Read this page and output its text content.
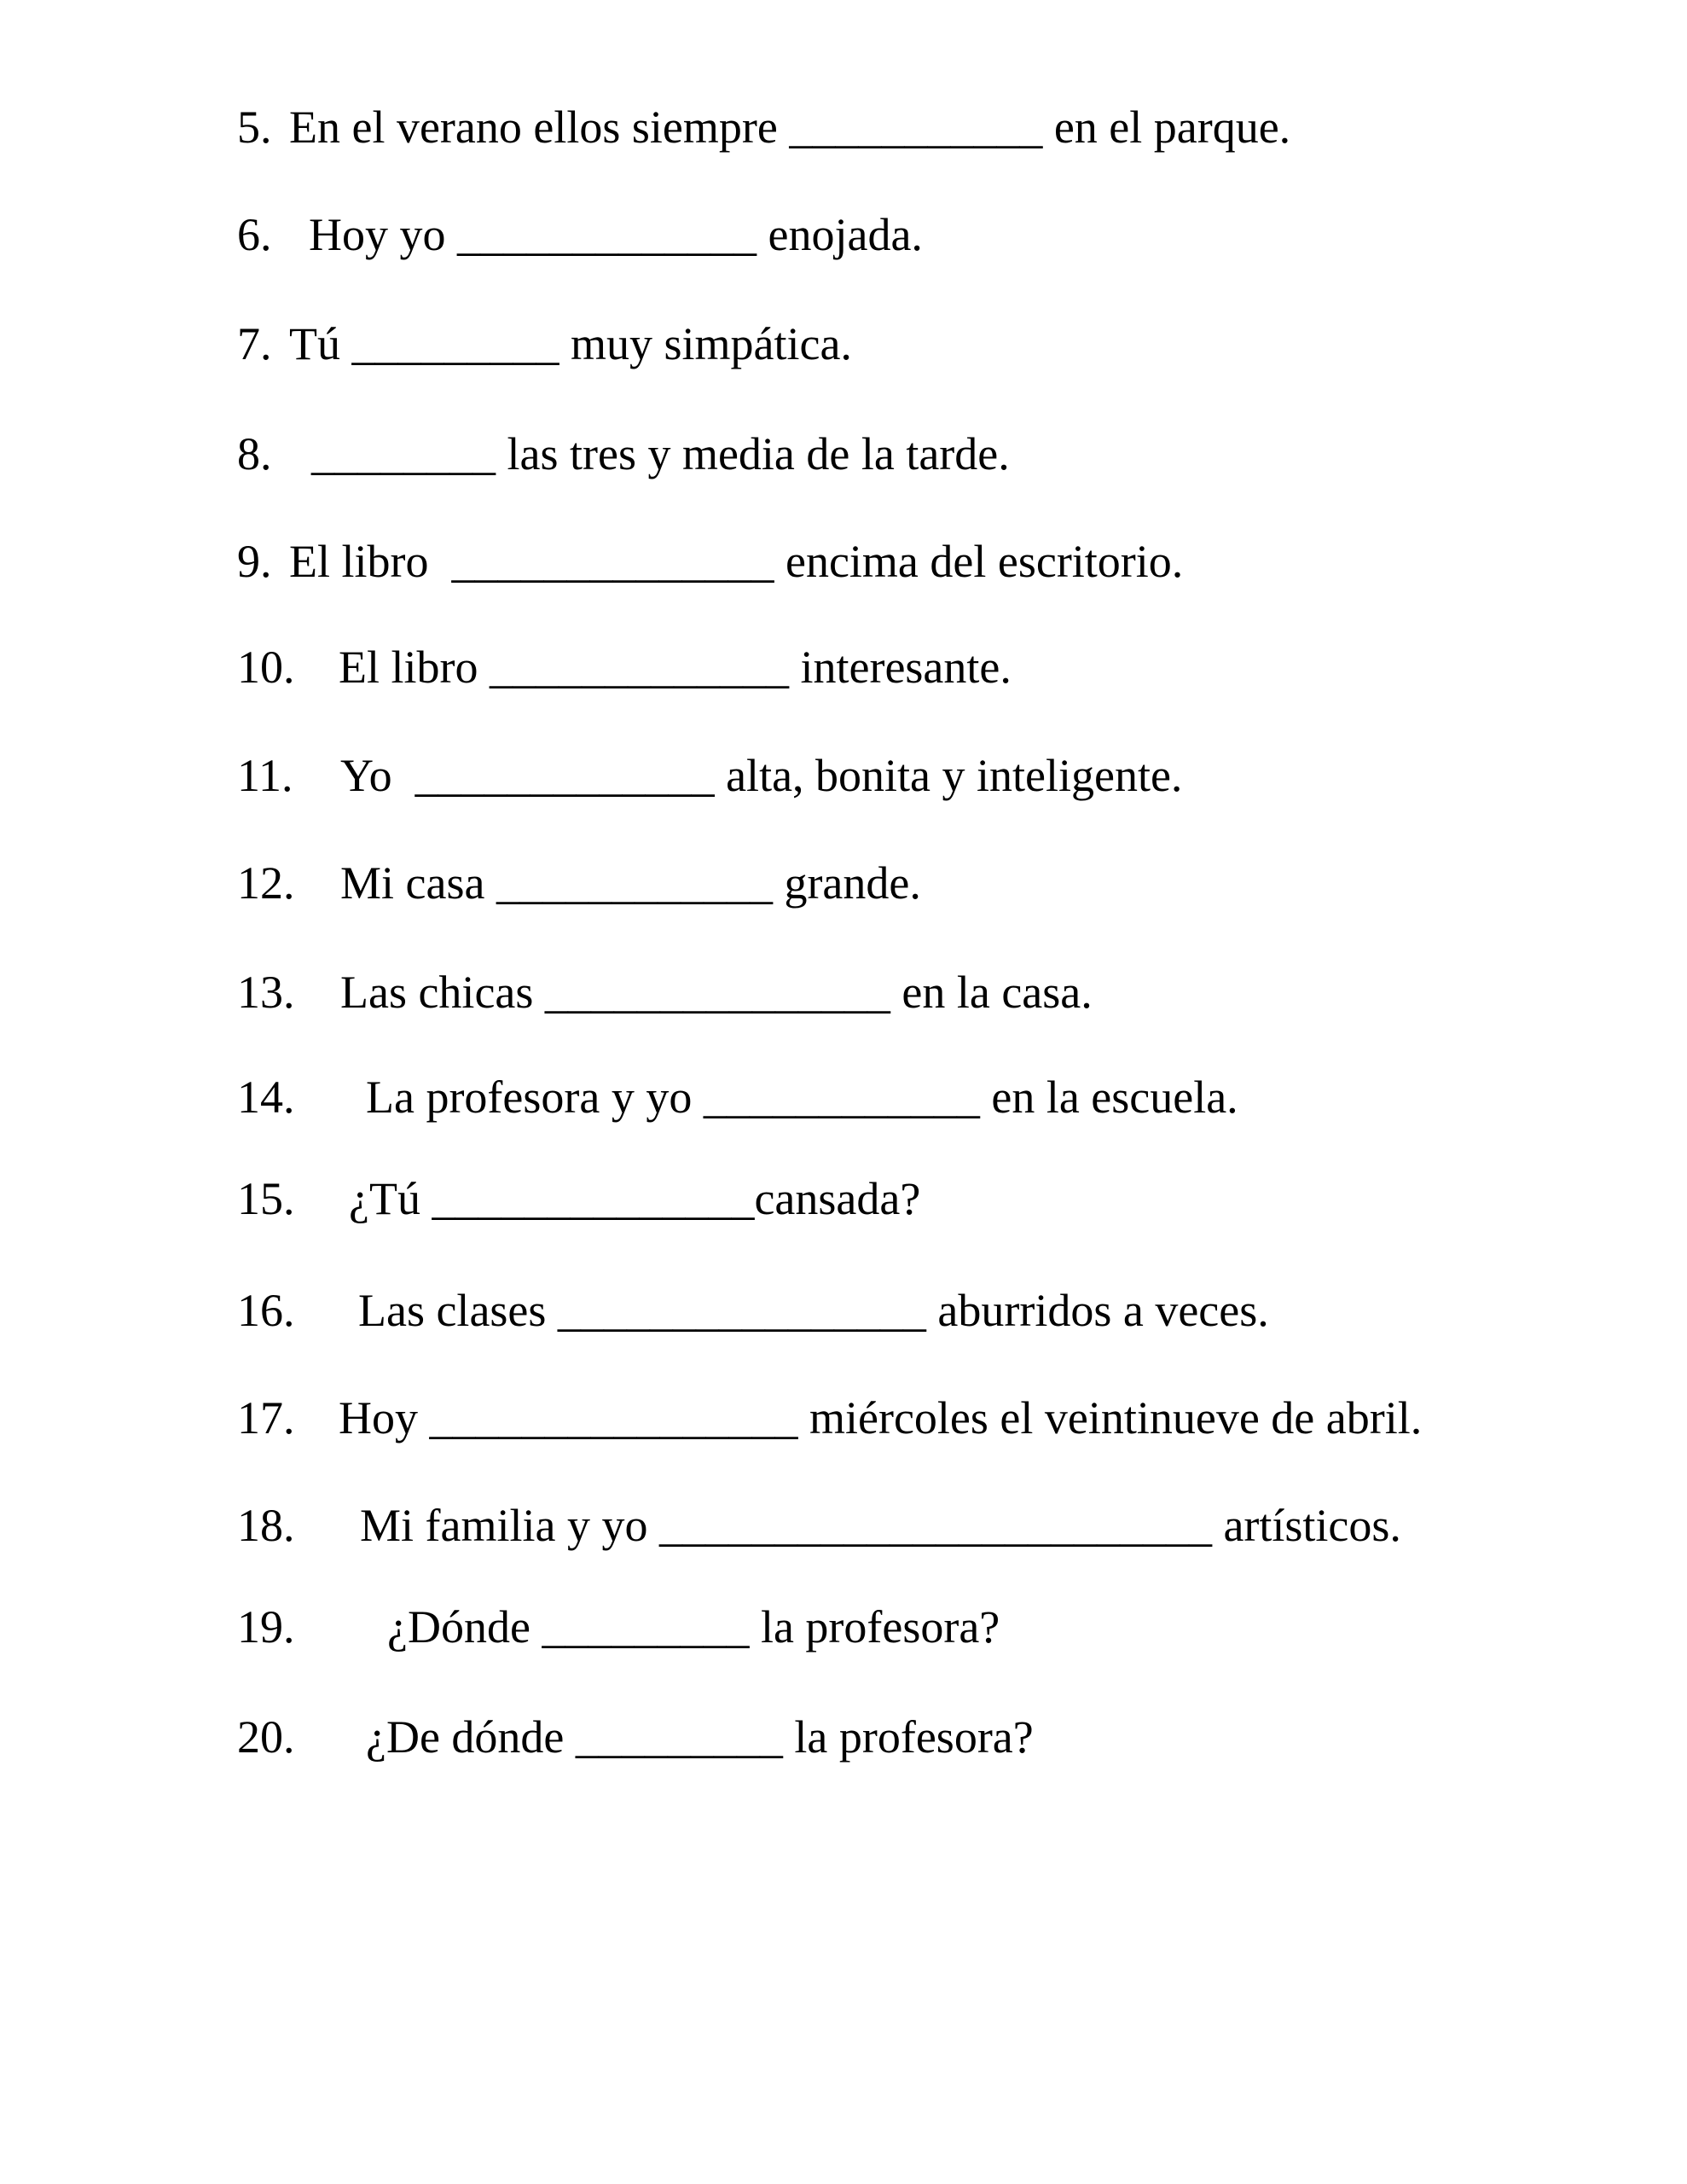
5. En el verano ellos siempre ___________ en el parque.
6. Hoy yo _____________ enojada.
7. Tú _________ muy simpática.
8. ________ las tres y media de la tarde.
9. El libro  ______________ encima del escritorio.
10. El libro _____________ interesante.
11. Yo  _____________ alta, bonita y inteligente.
12. Mi casa ____________ grande.
13. Las chicas _______________ en la casa.
14. La profesora y yo ____________ en la escuela.
15. ¿Tú ______________cansada?
16. Las clases ________________ aburridos a veces.
17. Hoy ________________ miércoles el veintinueve de abril.
18. Mi familia y yo ________________________ artísticos.
19. ¿Dónde _________ la profesora?
20. ¿De dónde _________ la profesora?
